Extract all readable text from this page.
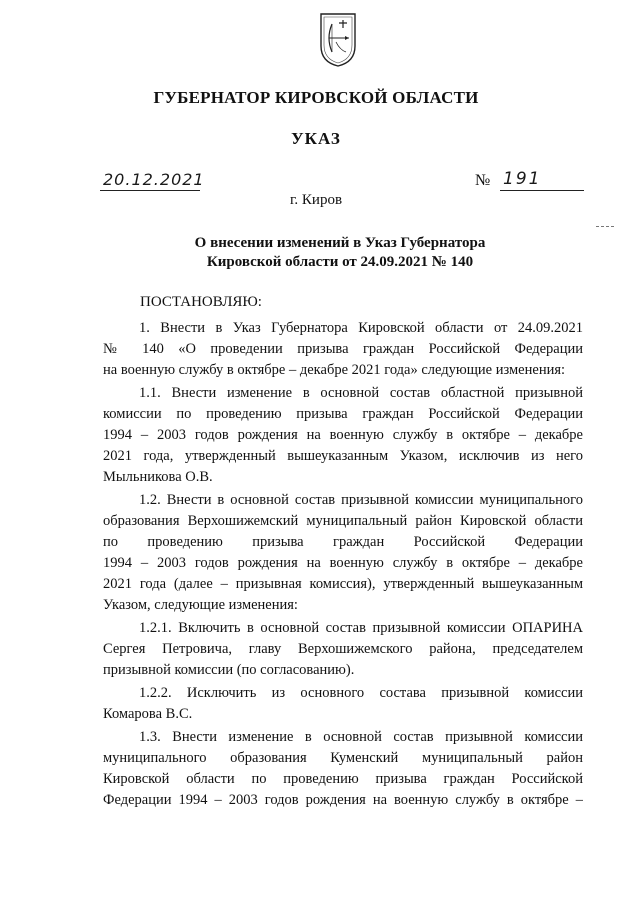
ГУБЕРНАТОР КИРОВСКОЙ ОБЛАСТИ
УКАЗ
20.12.2021	№ 191
г. Киров
О внесении изменений в Указ Губернатора
Кировской области от 24.09.2021 № 140
ПОСТАНОВЛЯЮ:
1. Внести в Указ Губернатора Кировской области от 24.09.2021
№ 140 «О проведении призыва граждан Российской Федерации
на военную службу в октябре – декабре 2021 года» следующие изменения:
1.1. Внести изменение в основной состав областной призывной
комиссии по проведению призыва граждан Российской Федерации
1994 – 2003 годов рождения на военную службу в октябре – декабре
2021 года, утвержденный вышеуказанным Указом, исключив из него
Мыльникова О.В.
1.2. Внести в основной состав призывной комиссии муниципального
образования Верхошижемский муниципальный район Кировской области
по проведению призыва граждан Российской Федерации
1994 – 2003 годов рождения на военную службу в октябре – декабре
2021 года (далее – призывная комиссия), утвержденный вышеуказанным
Указом, следующие изменения:
1.2.1. Включить в основной состав призывной комиссии ОПАРИНА
Сергея Петровича, главу Верхошижемского района, председателем
призывной комиссии (по согласованию).
1.2.2. Исключить из основного состава призывной комиссии
Комарова В.С.
1.3. Внести изменение в основной состав призывной комиссии
муниципального образования Куменский муниципальный район
Кировской области по проведению призыва граждан Российской
Федерации 1994 – 2003 годов рождения на военную службу в октябре –
